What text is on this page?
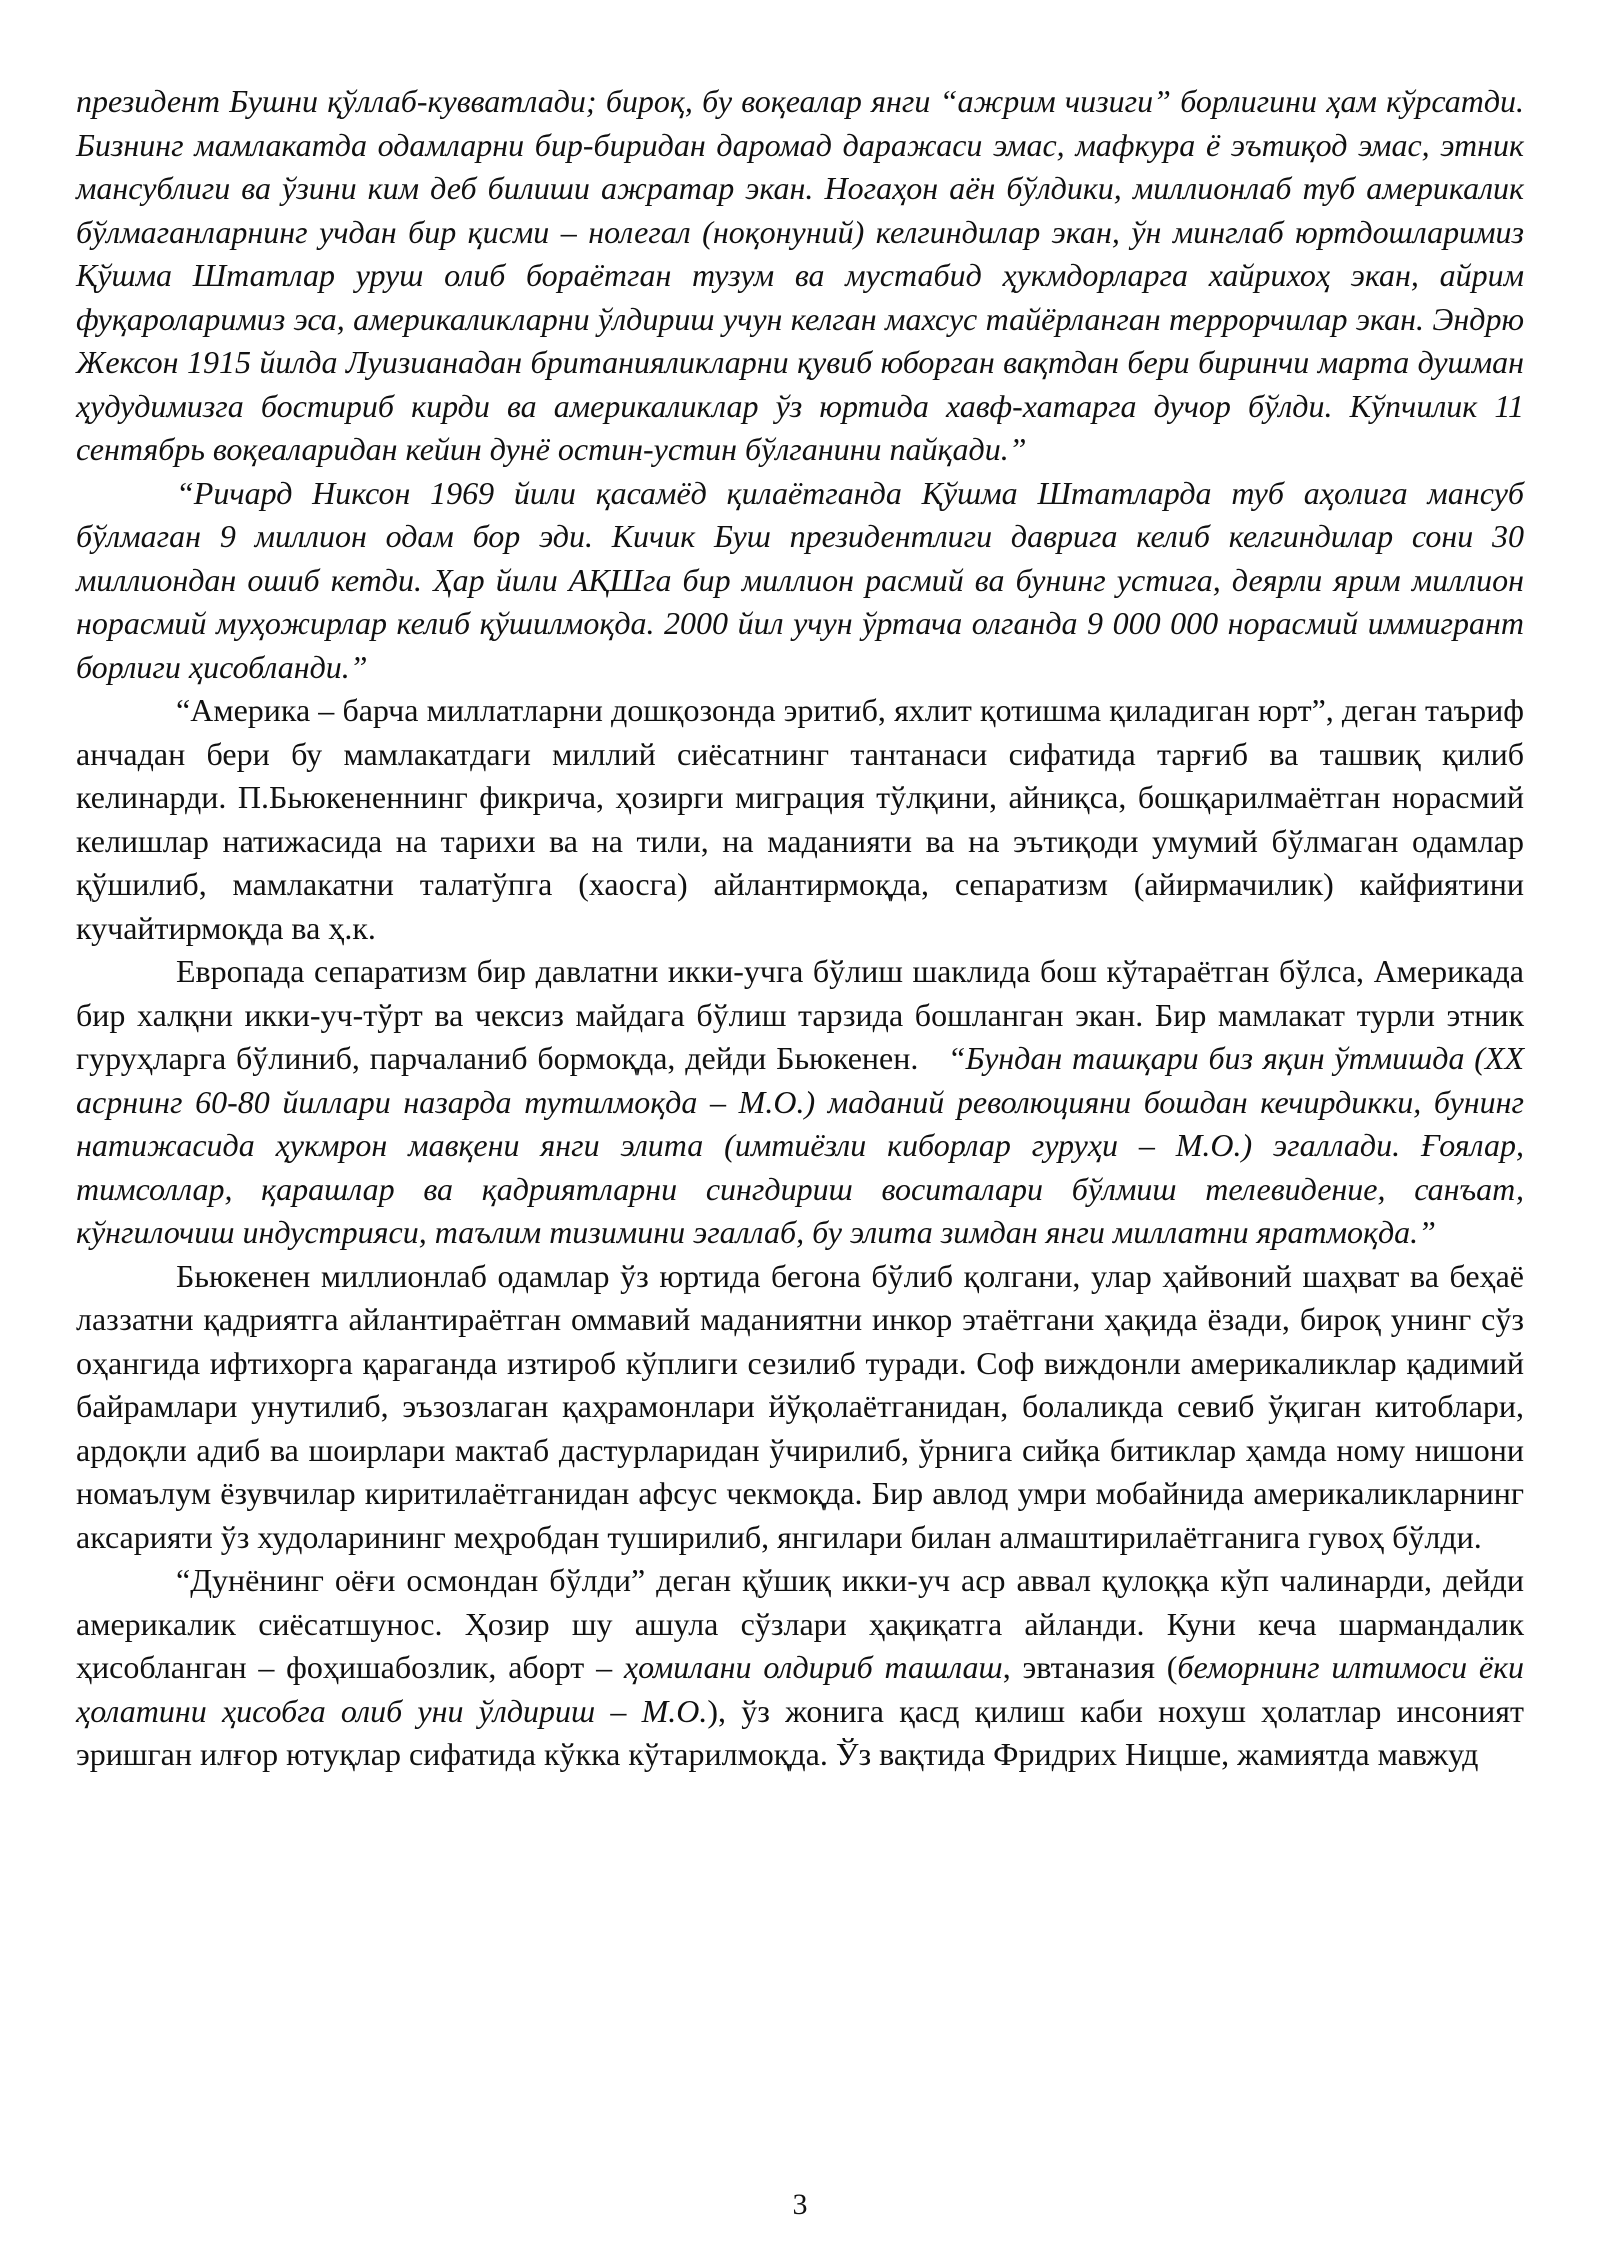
президент Бушни қўллаб-кувватлади; бироқ, бу воқеалар янги “ажрим чизиги” борлигини ҳам кўрсатди. Бизнинг мамлакатда одамларни бир-биридан даромад даражаси эмас, мафкура ё эътиқод эмас, этник мансублиги ва ўзини ким деб билиши ажратар экан. Ногаҳон аён бўлдики, миллионлаб туб америкалик бўлмаганларнинг учдан бир қисми – нолегал (ноқонуний) келгиндилар экан, ўн минглаб юртдошларимиз Қўшма Штатлар уруш олиб бораётган тузум ва мустабид ҳукмдорларга хайрихоҳ экан, айрим фуқароларимиз эса, америкаликларни ўлдириш учун келган махсус тайёрланган террорчилар экан. Эндрю Жексон 1915 йилда Луизианадан британияликларни қувиб юборган вақтдан бери биринчи марта душман ҳудудимизга бостириб кирди ва америкаликлар ўз юртида хавф-хатарга дучор бўлди. Кўпчилик 11 сентябрь воқеаларидан кейин дунё остин-устин бўлганини пайқади.”

“Ричард Никсон 1969 йили қасамёд қилаётганда Қўшма Штатларда туб аҳолига мансуб бўлмаган 9 миллион одам бор эди. Кичик Буш президентлиги даврига келиб келгиндилар сони 30 миллиондан ошиб кетди. Ҳар йили АҚШга бир миллион расмий ва бунинг устига, деярли ярим миллион норасмий муҳожирлар келиб қўшилмоқда. 2000 йил учун ўртача олганда 9 000 000 норасмий иммигрант борлиги ҳисобланди.”

“Америка – барча миллатларни дошқозонда эритиб, яхлит қотишма қиладиган юрт”, деган таъриф анчадан бери бу мамлакатдаги миллий сиёсатнинг тантанаси сифатида тарғиб ва ташвиқ қилиб келинарди. П.Бьюкененнинг фикрича, ҳозирги миграция тўлқини, айниқса, бошқарилмаётган норасмий келишлар натижасида на тарихи ва на тили, на маданияти ва на эътиқоди умумий бўлмаган одамлар қўшилиб, мамлакатни талатўпга (хаосга) айлантирмоқда, сепаратизм (айирмачилик) кайфиятини кучайтирмоқда ва ҳ.к.

Европада сепаратизм бир давлатни икки-учга бўлиш шаклида бош кўтараётган бўлса, Америкада бир халқни икки-уч-тўрт ва чексиз майдага бўлиш тарзида бошланган экан. Бир мамлакат турли этник гуруҳларга бўлиниб, парчаланиб бормоқда, дейди Бьюкенен. “Бундан ташқари биз яқин ўтмишда (XX асрнинг 60-80 йиллари назарда тутилмоқда – М.О.) маданий революцияни бошдан кечирдикки, бунинг натижасида ҳукмрон мавқени янги элита (имтиёзли киборлар гуруҳи – М.О.) эгаллади. Ғоялар, тимсоллар, қарашлар ва қадриятларни сингдириш воситалари бўлмиш телевидение, санъат, кўнгилочиш индустрияси, таълим тизимини эгаллаб, бу элита зимдан янги миллатни яратмоқда.”

Бьюкенен миллионлаб одамлар ўз юртида бегона бўлиб қолгани, улар ҳайвоний шаҳват ва беҳаё лаззатни қадриятга айлантираётган оммавий маданиятни инкор этаётгани ҳақида ёзади, бироқ унинг сўз оҳангида ифтихорга қараганда изтироб кўплиги сезилиб туради. Соф виждонли америкаликлар қадимий байрамлари унутилиб, эъзозлаган қаҳрамонлари йўқолаётганидан, болаликда севиб ўқиган китоблари, ардоқли адиб ва шоирлари мактаб дастурларидан ўчирилиб, ўрнига сийқа битиклар ҳамда ному нишони номаълум ёзувчилар киритилаётганидан афсус чекмоқда. Бир авлод умри мобайнида америкаликларнинг аксарияти ўз худоларининг меҳробдан туширилиб, янгилари билан алмаштирилаётганига гувоҳ бўлди.

“Дунёнинг оёғи осмондан бўлди” деган қўшиқ икки-уч аср аввал қулоққа кўп чалинарди, дейди америкалик сиёсатшунос. Ҳозир шу ашула сўзлари ҳақиқатга айланди. Куни кеча шармандалик ҳисобланган – фоҳишабозлик, аборт – ҳомилани олдириб ташлаш, эвтаназия (беморнинг илтимоси ёки ҳолатини ҳисобга олиб уни ўлдириш – М.О.), ўз жонига қасд қилиш каби нохуш ҳолатлар инсоният эришган илғор ютуқлар сифатида кўкка кўтарилмоқда. Ўз вақтида Фридрих Ницше, жамиятда мавжуд

3
